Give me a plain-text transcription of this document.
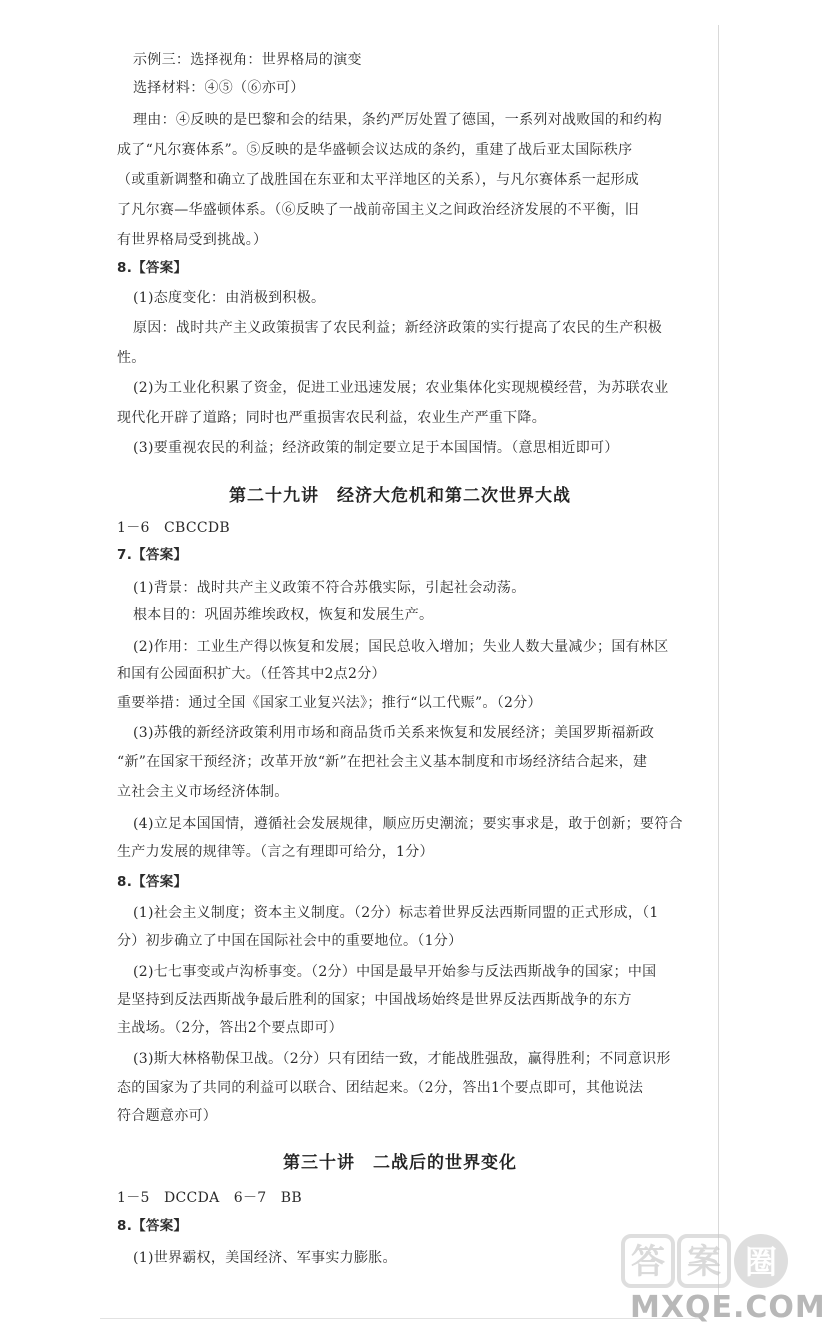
示例三：选择视角：世界格局的演变
选择材料：④⑤（⑥亦可）
理由：④反映的是巴黎和会的结果，条约严厉处置了德国，一系列对战败国的和约构
成了“凡尔赛体系”。⑤反映的是华盛顿会议达成的条约，重建了战后亚太国际秩序
（或重新调整和确立了战胜国在东亚和太平洋地区的关系），与凡尔赛体系一起形成
了凡尔赛—华盛顿体系。（⑥反映了一战前帝国主义之间政治经济发展的不平衡，旧
有世界格局受到挑战。）
8.【答案】
(1)态度变化：由消极到积极。
原因：战时共产主义政策损害了农民利益；新经济政策的实行提高了农民的生产积极
性。
(2)为工业化积累了资金，促进工业迅速发展；农业集体化实现规模经营，为苏联农业
现代化开辟了道路；同时也严重损害农民利益，农业生产严重下降。
(3)要重视农民的利益；经济政策的制定要立足于本国国情。（意思相近即可）
第二十九讲　经济大危机和第二次世界大战
1－6　CBCCDB
7.【答案】
(1)背景：战时共产主义政策不符合苏俄实际，引起社会动荡。
根本目的：巩固苏维埃政权，恢复和发展生产。
(2)作用：工业生产得以恢复和发展；国民总收入增加；失业人数大量减少；国有林区
和国有公园面积扩大。（任答其中2点2分）
重要举措：通过全国《国家工业复兴法》；推行“以工代赈”。（2分）
(3)苏俄的新经济政策利用市场和商品货币关系来恢复和发展经济；美国罗斯福新政
“新”在国家干预经济；改革开放“新”在把社会主义基本制度和市场经济结合起来，建
立社会主义市场经济体制。
(4)立足本国国情，遵循社会发展规律，顺应历史潮流；要实事求是，敢于创新；要符合
生产力发展的规律等。（言之有理即可给分，1分）
8.【答案】
(1)社会主义制度；资本主义制度。（2分）标志着世界反法西斯同盟的正式形成，（1
分）初步确立了中国在国际社会中的重要地位。（1分）
(2)七七事变或卢沟桥事变。（2分）中国是最早开始参与反法西斯战争的国家；中国
是坚持到反法西斯战争最后胜利的国家；中国战场始终是世界反法西斯战争的东方
主战场。（2分，答出2个要点即可）
(3)斯大林格勒保卫战。（2分）只有团结一致，才能战胜强敌，赢得胜利；不同意识形
态的国家为了共同的利益可以联合、团结起来。（2分，答出1个要点即可，其他说法
符合题意亦可）
第三十讲　二战后的世界变化
1－5　DCCDA　6－7　BB
8.【答案】
(1)世界霸权，美国经济、军事实力膨胀。	答 案 圈
MXQE.COM
